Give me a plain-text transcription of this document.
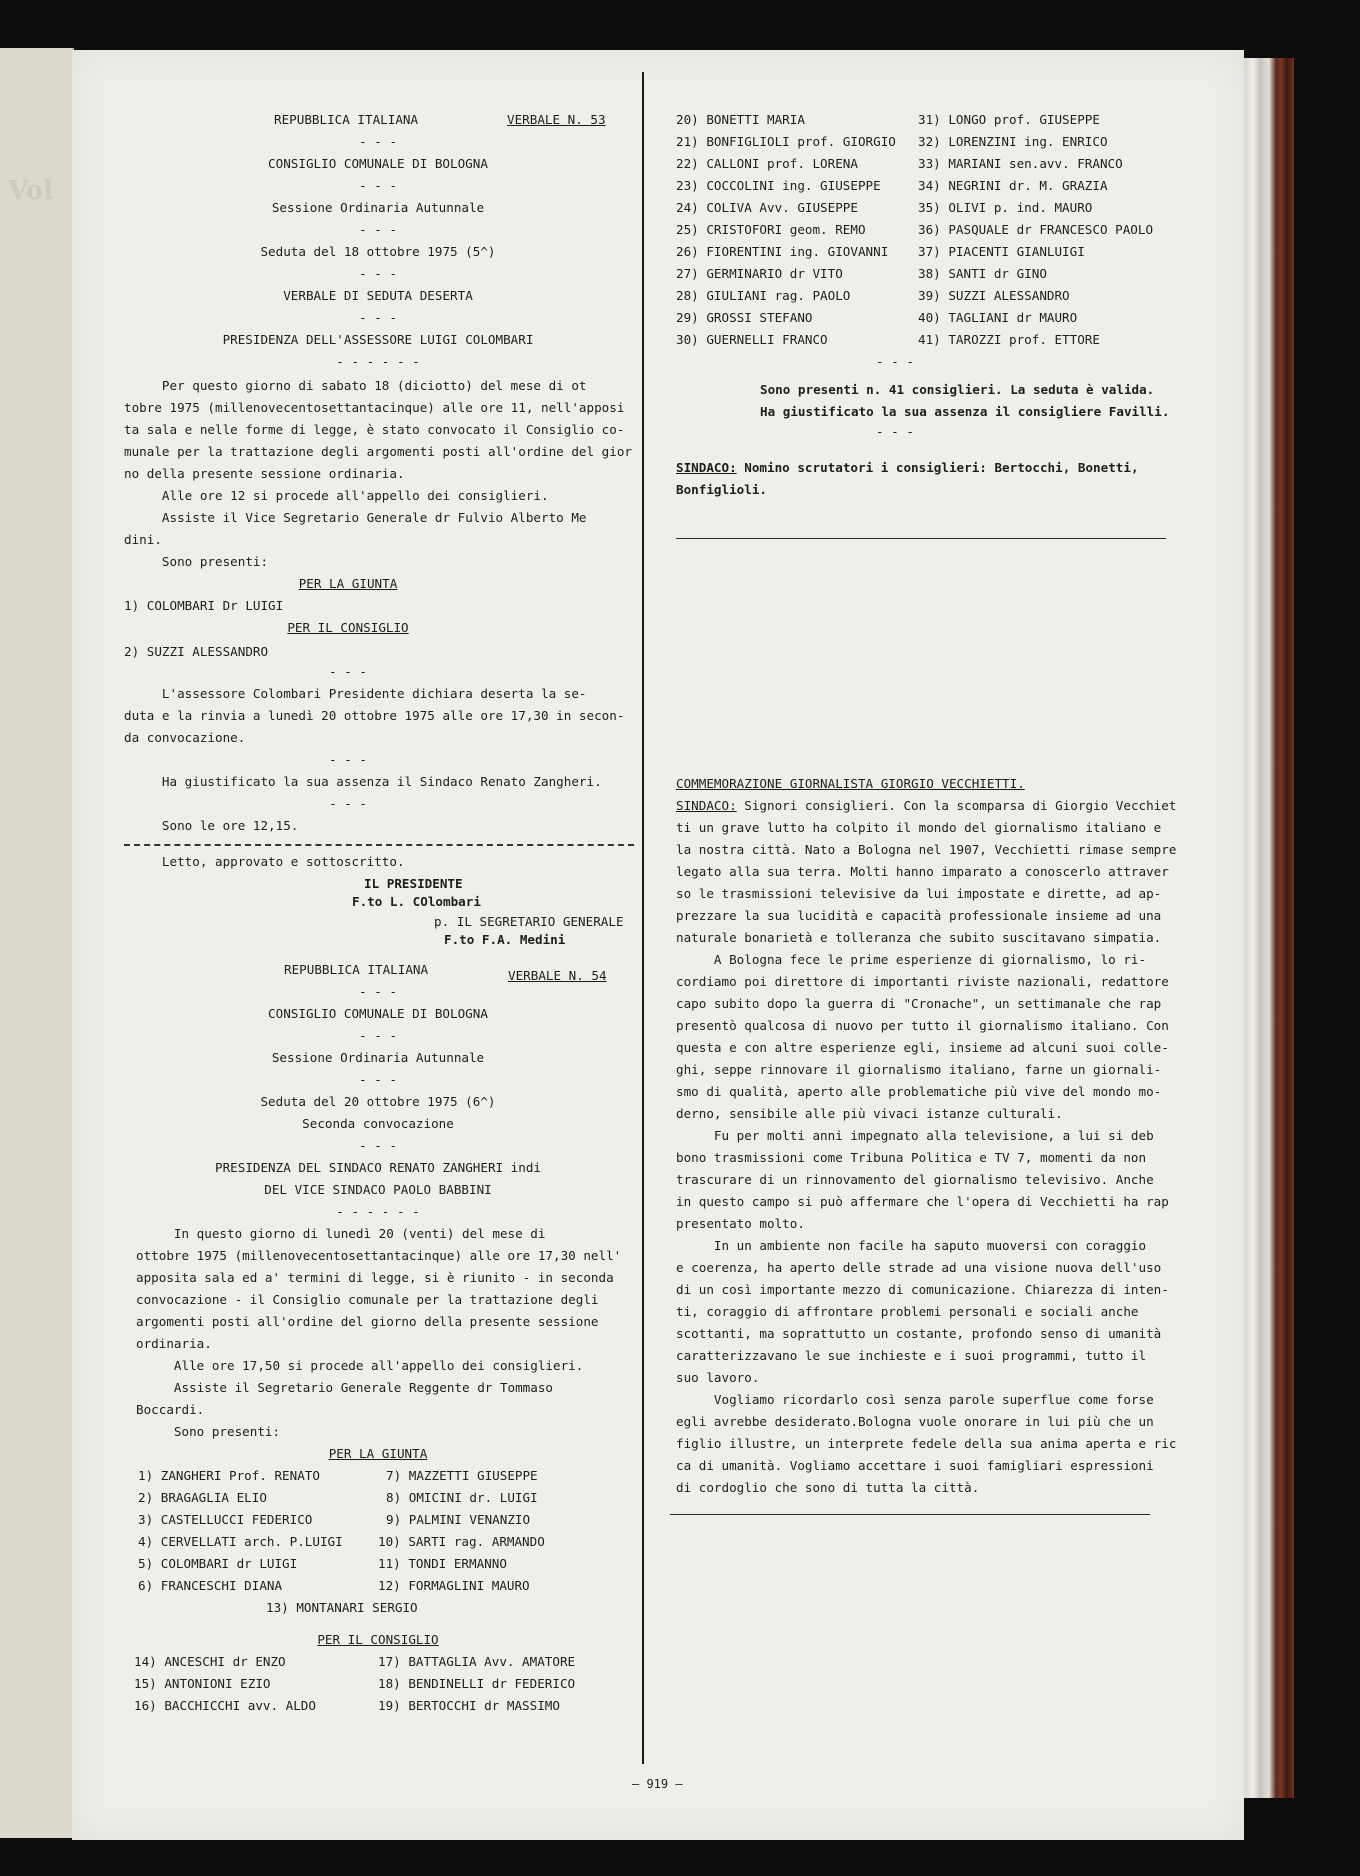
Vol
REPUBBLICA ITALIANA	VERBALE N. 53
- - -
CONSIGLIO COMUNALE DI BOLOGNA
- - -
Sessione Ordinaria Autunnale
- - -
Seduta del 18 ottobre 1975 (5^)
- - -
VERBALE DI SEDUTA DESERTA
- - -
PRESIDENZA DELL'ASSESSORE LUIGI COLOMBARI
- - - - - -
Per questo giorno di sabato 18 (diciotto) del mese di ot
tobre 1975 (millenovecentosettantacinque) alle ore 11, nell'apposi
ta sala e nelle forme di legge, è stato convocato il Consiglio co-
munale per la trattazione degli argomenti posti all'ordine del gior
no della presente sessione ordinaria.
Alle ore 12 si procede all'appello dei consiglieri.
Assiste il Vice Segretario Generale dr Fulvio Alberto Me
dini.
Sono presenti:
PER LA GIUNTA
1) COLOMBARI Dr LUIGI
PER IL CONSIGLIO
2) SUZZI ALESSANDRO
- - -
L'assessore Colombari Presidente dichiara deserta la se-
duta e la rinvia a lunedì 20 ottobre 1975 alle ore 17,30 in secon-
da convocazione.
- - -
Ha giustificato la sua assenza il Sindaco Renato Zangheri.
- - -
Sono le ore 12,15.
Letto, approvato e sottoscritto.
IL PRESIDENTE
F.to L. COlombari
p. IL SEGRETARIO GENERALE
F.to F.A. Medini
REPUBBLICA ITALIANA	VERBALE N. 54
- - -
CONSIGLIO COMUNALE DI BOLOGNA
- - -
Sessione Ordinaria Autunnale
- - -
Seduta del 20 ottobre 1975 (6^)
Seconda convocazione
- - -
PRESIDENZA DEL SINDACO RENATO ZANGHERI indi
DEL VICE SINDACO PAOLO BABBINI
- - - - - -
In questo giorno di lunedì 20 (venti) del mese di
ottobre 1975 (millenovecentosettantacinque) alle ore 17,30 nell'
apposita sala ed a' termini di legge, si è riunito - in seconda
convocazione - il Consiglio comunale per la trattazione degli
argomenti posti all'ordine del giorno della presente sessione
ordinaria.
Alle ore 17,50 si procede all'appello dei consiglieri.
Assiste il Segretario Generale Reggente dr Tommaso
Boccardi.
Sono presenti:
PER LA GIUNTA
1) ZANGHERI Prof. RENATO
2) BRAGAGLIA ELIO
3) CASTELLUCCI FEDERICO
4) CERVELLATI arch. P.LUIGI
5) COLOMBARI dr LUIGI
6) FRANCESCHI DIANA
7) MAZZETTI GIUSEPPE
8) OMICINI dr. LUIGI
9) PALMINI VENANZIO
10) SARTI rag. ARMANDO
11) TONDI ERMANNO
12) FORMAGLINI MAURO
13) MONTANARI SERGIO
PER IL CONSIGLIO
14) ANCESCHI dr ENZO
15) ANTONIONI EZIO
16) BACCHICCHI avv. ALDO
17) BATTAGLIA Avv. AMATORE
18) BENDINELLI dr FEDERICO
19) BERTOCCHI dr MASSIMO
20) BONETTI MARIA
21) BONFIGLIOLI prof. GIORGIO
22) CALLONI prof. LORENA
23) COCCOLINI ing. GIUSEPPE
24) COLIVA Avv. GIUSEPPE
25) CRISTOFORI geom. REMO
26) FIORENTINI ing. GIOVANNI
27) GERMINARIO dr VITO
28) GIULIANI rag. PAOLO
29) GROSSI STEFANO
30) GUERNELLI FRANCO
31) LONGO prof. GIUSEPPE
32) LORENZINI ing. ENRICO
33) MARIANI sen.avv. FRANCO
34) NEGRINI dr. M. GRAZIA
35) OLIVI p. ind. MAURO
36) PASQUALE dr FRANCESCO PAOLO
37) PIACENTI GIANLUIGI
38) SANTI dr GINO
39) SUZZI ALESSANDRO
40) TAGLIANI dr MAURO
41) TAROZZI prof. ETTORE
- - -
Sono presenti n. 41 consiglieri. La seduta è valida.
Ha giustificato la sua assenza il consigliere Favilli.
- - -
SINDACO: Nomino scrutatori i consiglieri: Bertocchi, Bonetti,
Bonfiglioli.
COMMEMORAZIONE GIORNALISTA GIORGIO VECCHIETTI.
SINDACO: Signori consiglieri. Con la scomparsa di Giorgio Vecchiet
ti un grave lutto ha colpito il mondo del giornalismo italiano e
la nostra città. Nato a Bologna nel 1907, Vecchietti rimase sempre
legato alla sua terra. Molti hanno imparato a conoscerlo attraver
so le trasmissioni televisive da lui impostate e dirette, ad ap-
prezzare la sua lucidità e capacità professionale insieme ad una
naturale bonarietà e tolleranza che subito suscitavano simpatia.
A Bologna fece le prime esperienze di giornalismo, lo ri-
cordiamo poi direttore di importanti riviste nazionali, redattore
capo subito dopo la guerra di "Cronache", un settimanale che rap
presentò qualcosa di nuovo per tutto il giornalismo italiano. Con
questa e con altre esperienze egli, insieme ad alcuni suoi colle-
ghi, seppe rinnovare il giornalismo italiano, farne un giornali-
smo di qualità, aperto alle problematiche più vive del mondo mo-
derno, sensibile alle più vivaci istanze culturali.
Fu per molti anni impegnato alla televisione, a lui si deb
bono trasmissioni come Tribuna Politica e TV 7, momenti da non
trascurare di un rinnovamento del giornalismo televisivo. Anche
in questo campo si può affermare che l'opera di Vecchietti ha rap
presentato molto.
In un ambiente non facile ha saputo muoversi con coraggio
e coerenza, ha aperto delle strade ad una visione nuova dell'uso
di un così importante mezzo di comunicazione. Chiarezza di inten-
ti, coraggio di affrontare problemi personali e sociali anche
scottanti, ma soprattutto un costante, profondo senso di umanità
caratterizzavano le sue inchieste e i suoi programmi, tutto il
suo lavoro.
Vogliamo ricordarlo così senza parole superflue come forse
egli avrebbe desiderato.Bologna vuole onorare in lui più che un
figlio illustre, un interprete fedele della sua anima aperta e ric
ca di umanità. Vogliamo accettare i suoi famigliari espressioni
di cordoglio che sono di tutta la città.
– 919 –
